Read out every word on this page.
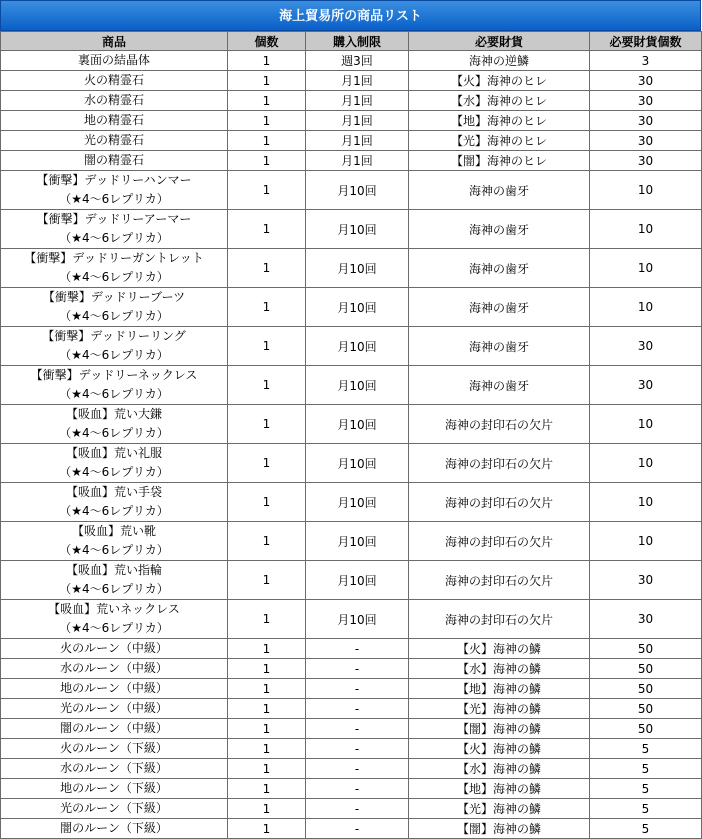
海上貿易所の商品リスト
商品	個数	購入制限	必要財貨	必要財貨個数

裏面の結晶体	1	週3回	海神の逆鱗	3

火の精霊石	1	月1回	【火】海神のヒレ	30

水の精霊石	1	月1回	【水】海神のヒレ	30

地の精霊石	1	月1回	【地】海神のヒレ	30

光の精霊石	1	月1回	【光】海神のヒレ	30

闇の精霊石	1	月1回	【闇】海神のヒレ	30

【衝撃】デッドリーハンマー
（★4～6レプリカ）	1	月10回	海神の歯牙	10

【衝撃】デッドリーアーマー
（★4～6レプリカ）	1	月10回	海神の歯牙	10

【衝撃】デッドリーガントレット
（★4～6レプリカ）	1	月10回	海神の歯牙	10

【衝撃】デッドリーブーツ
（★4～6レプリカ）	1	月10回	海神の歯牙	10

【衝撃】デッドリーリング
（★4～6レプリカ）	1	月10回	海神の歯牙	30

【衝撃】デッドリーネックレス
（★4～6レプリカ）	1	月10回	海神の歯牙	30

【吸血】荒い大鎌
（★4～6レプリカ）	1	月10回	海神の封印石の欠片	10

【吸血】荒い礼服
（★4～6レプリカ）	1	月10回	海神の封印石の欠片	10

【吸血】荒い手袋
（★4～6レプリカ）	1	月10回	海神の封印石の欠片	10

【吸血】荒い靴
（★4～6レプリカ）	1	月10回	海神の封印石の欠片	10

【吸血】荒い指輪
（★4～6レプリカ）	1	月10回	海神の封印石の欠片	30

【吸血】荒いネックレス
（★4～6レプリカ）	1	月10回	海神の封印石の欠片	30

火のルーン（中級）	1	-	【火】海神の鱗	50

水のルーン（中級）	1	-	【水】海神の鱗	50

地のルーン（中級）	1	-	【地】海神の鱗	50

光のルーン（中級）	1	-	【光】海神の鱗	50

闇のルーン（中級）	1	-	【闇】海神の鱗	50

火のルーン（下級）	1	-	【火】海神の鱗	5

水のルーン（下級）	1	-	【水】海神の鱗	5

地のルーン（下級）	1	-	【地】海神の鱗	5

光のルーン（下級）	1	-	【光】海神の鱗	5

闇のルーン（下級）	1	-	【闇】海神の鱗	5
